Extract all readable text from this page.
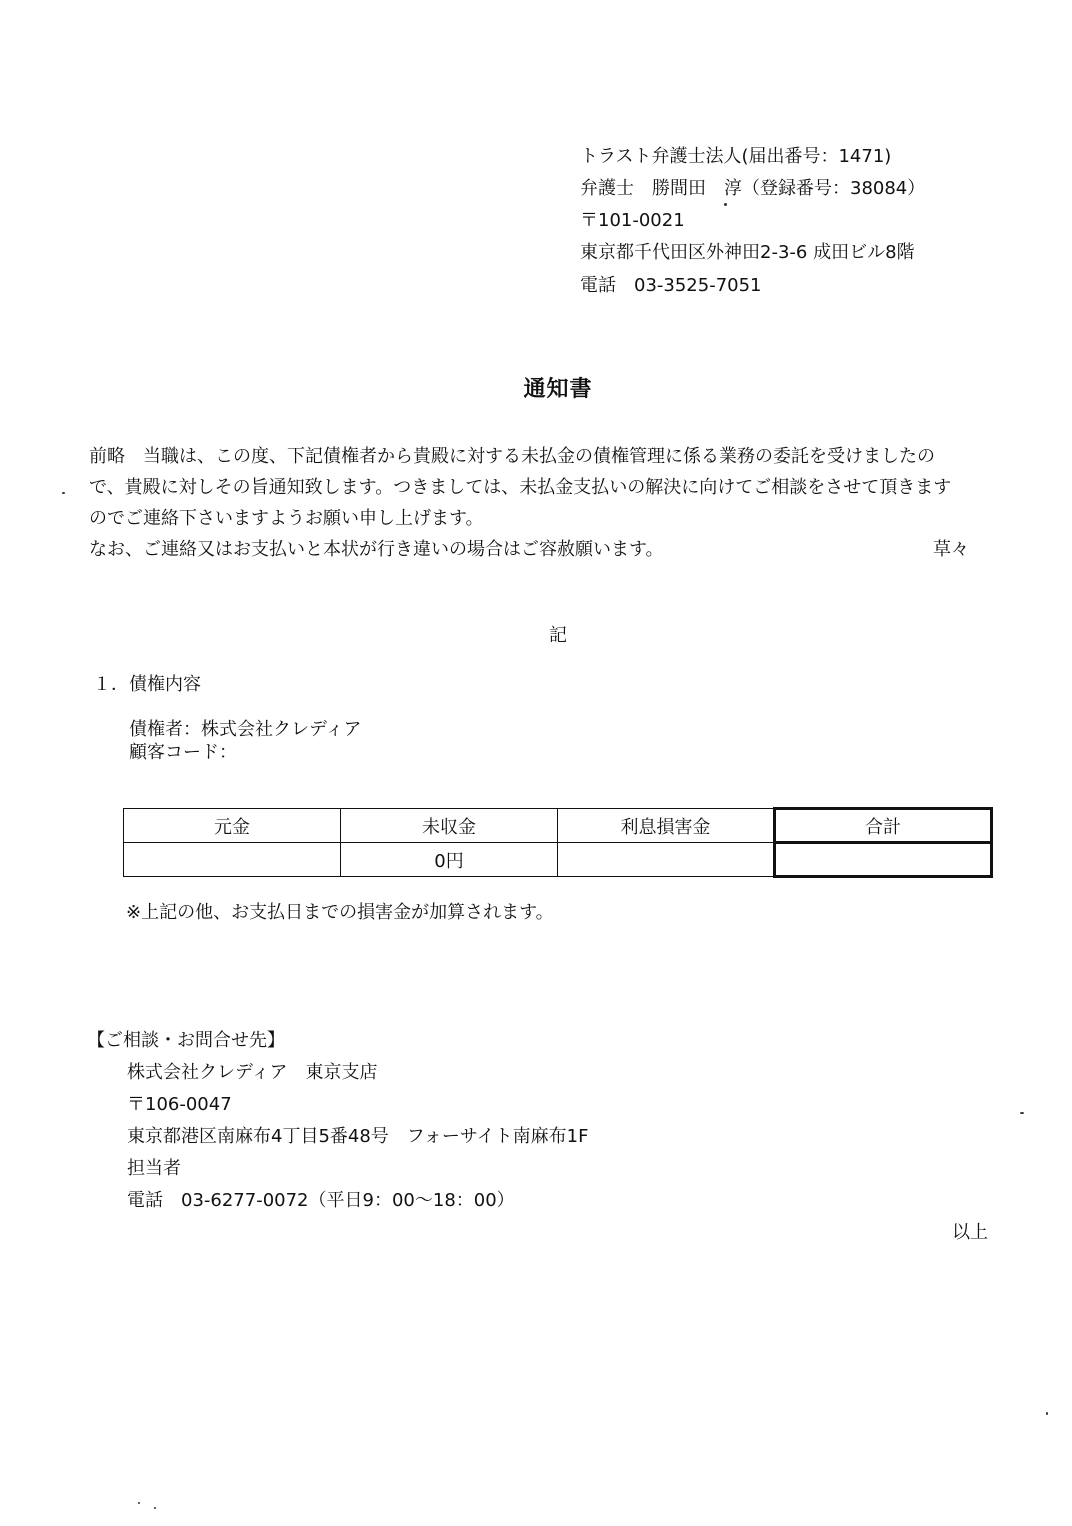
トラスト弁護士法人(届出番号：1471)
弁護士　勝間田　淳（登録番号：38084）
〒101-0021
東京都千代田区外神田2-3-6 成田ビル8階
電話　03-3525-7051
通知書
前略　当職は、この度、下記債権者から貴殿に対する未払金の債権管理に係る業務の委託を受けましたの
で、貴殿に対しその旨通知致します。つきましては、未払金支払いの解決に向けてご相談をさせて頂きます
のでご連絡下さいますようお願い申し上げます。
なお、ご連絡又はお支払いと本状が行き違いの場合はご容赦願います。	草々
記
１．債権内容
債権者：株式会社クレディア
顧客コード：
元金	未収金	利息損害金	合計
	0円		
※上記の他、お支払日までの損害金が加算されます。
【ご相談・お問合せ先】
株式会社クレディア　東京支店
〒106-0047
東京都港区南麻布4丁目5番48号　フォーサイト南麻布1F
担当者
電話　03-6277-0072（平日9：00～18：00）
以上
